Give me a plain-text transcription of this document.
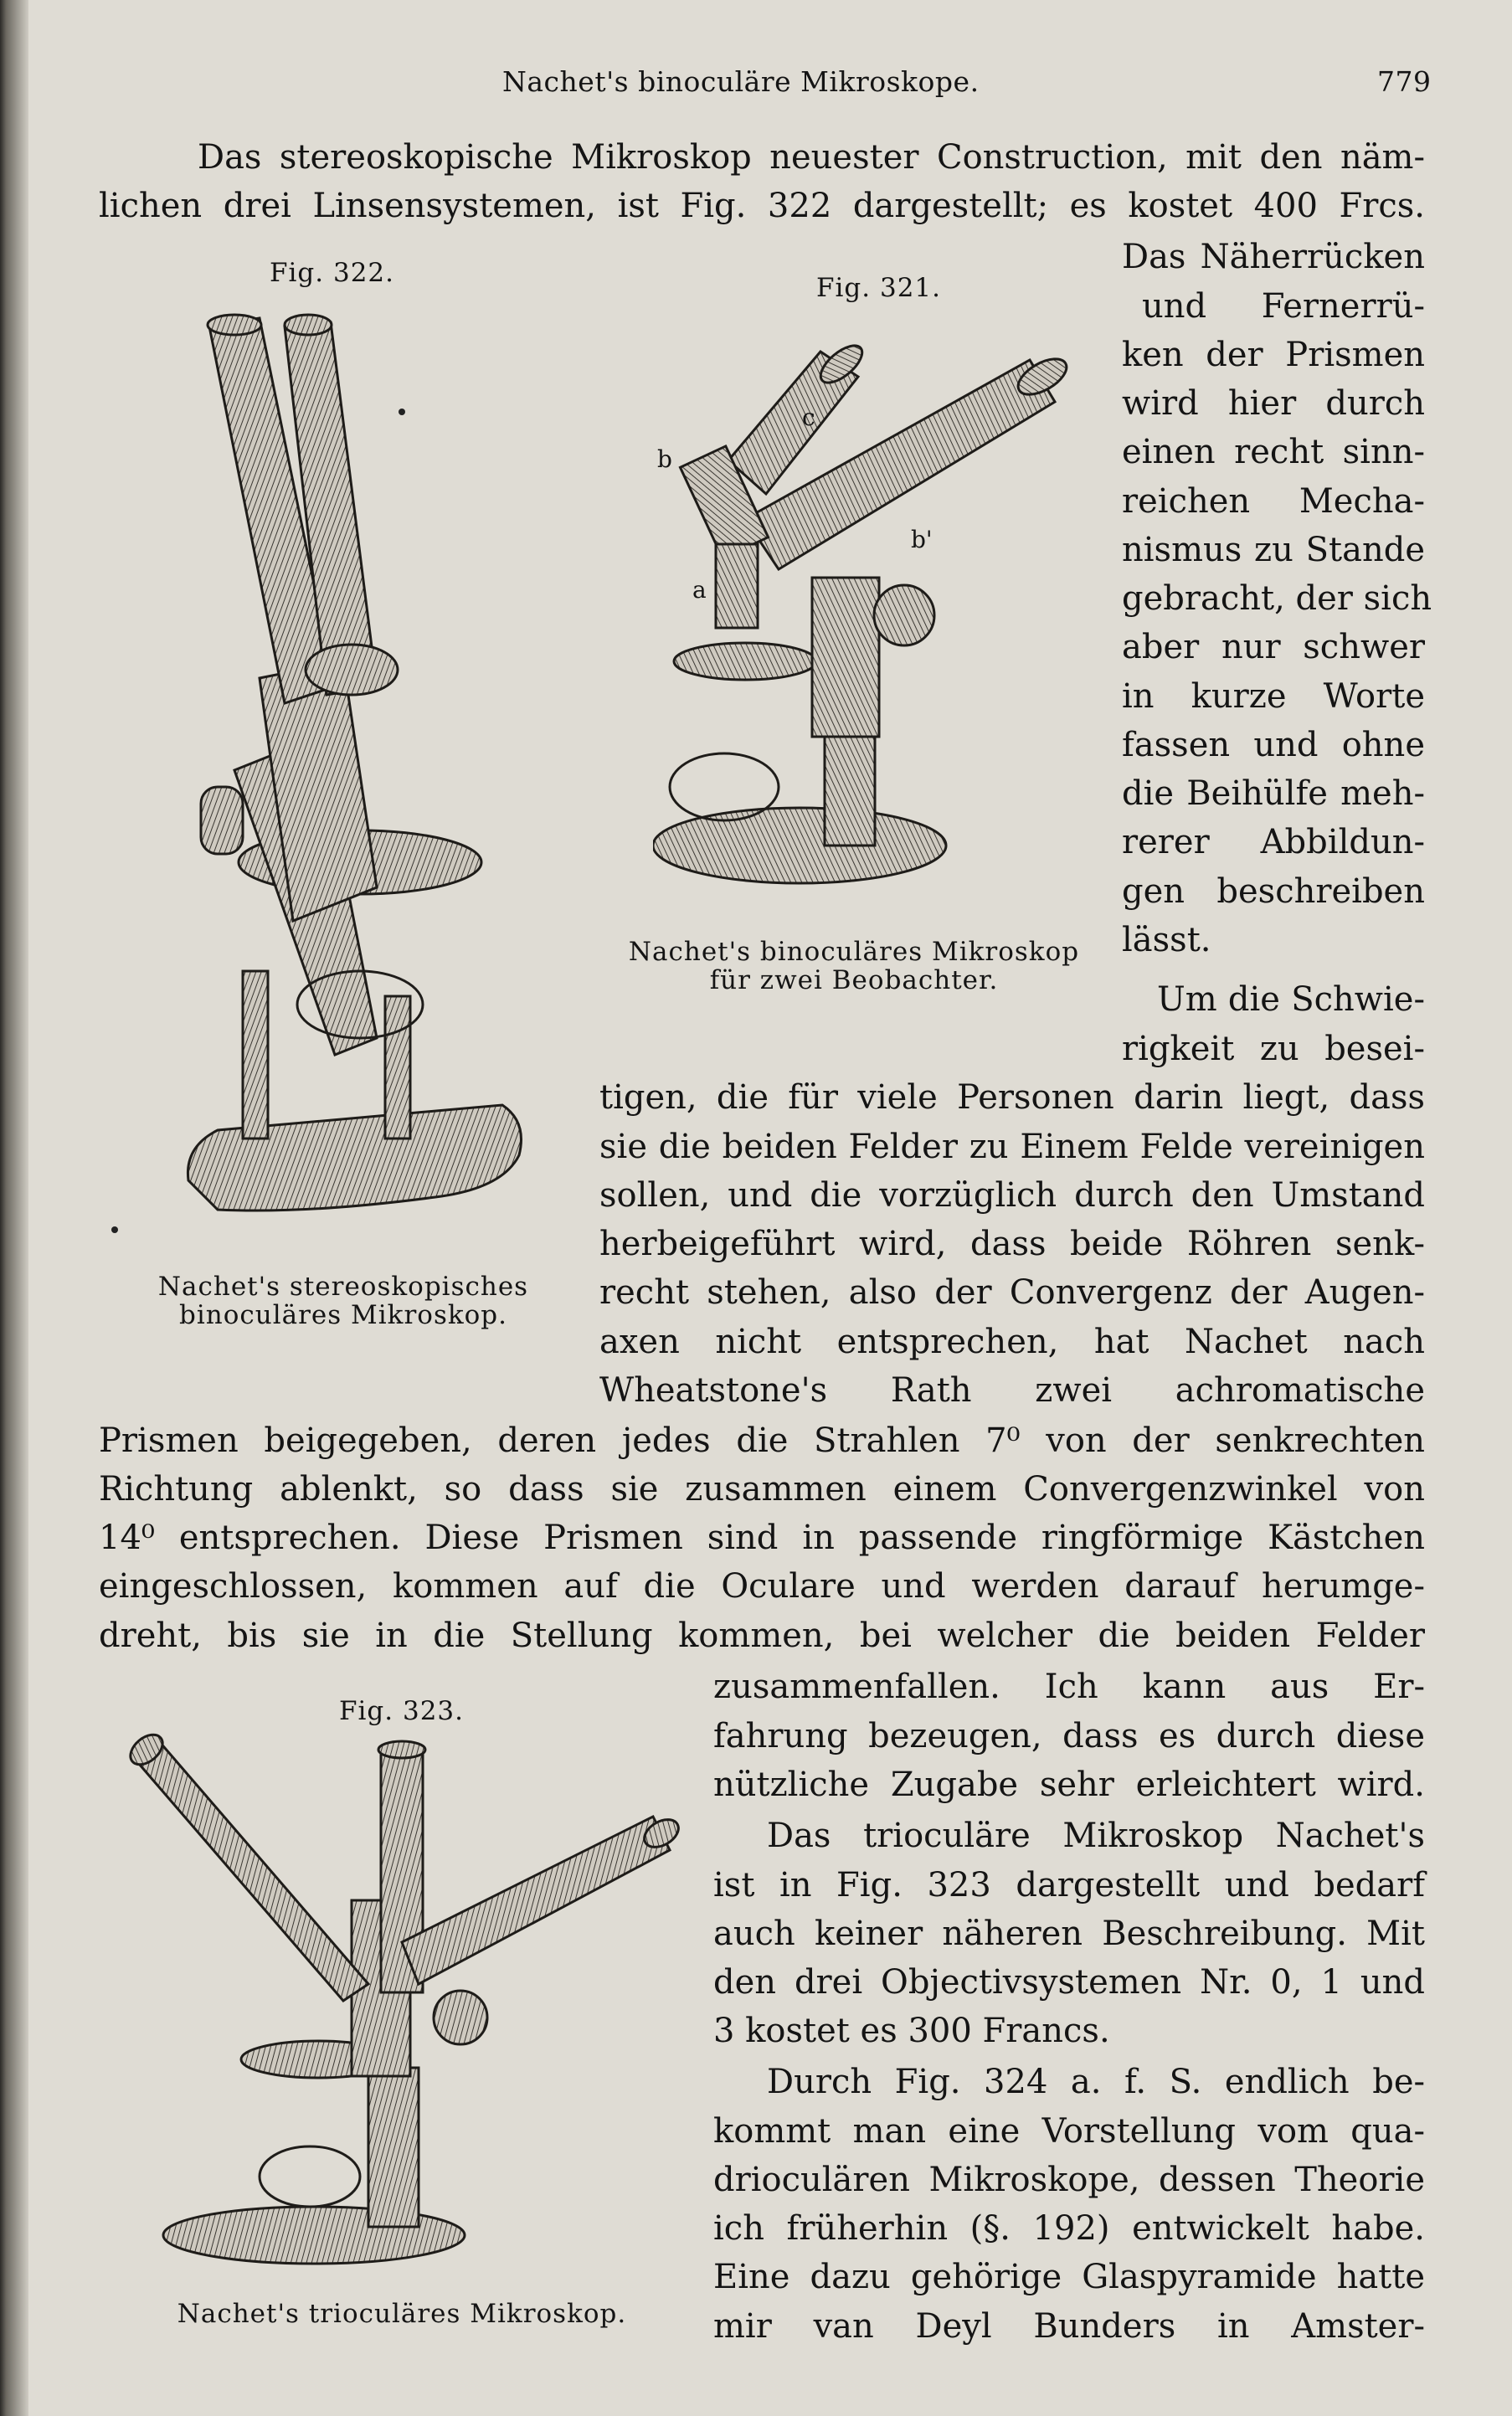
Nachet's binoculäre Mikroskope.	779
Das stereoskopische Mikroskop neuester Construction, mit den näm-
lichen drei Linsensystemen, ist Fig. 322 dargestellt; es kostet 400 Frcs.
Das Näherrücken
und Fernerrü-
ken der Prismen
wird hier durch
einen recht sinn-
reichen Mecha-
nismus zu Stande
gebracht, der sich
aber nur schwer
in kurze Worte
fassen und ohne
die Beihülfe meh-
rerer Abbildun-
gen beschreiben
lässt.
Um die Schwie-
rigkeit zu besei-
tigen, die für viele Personen darin liegt, dass
sie die beiden Felder zu Einem Felde vereinigen
sollen, und die vorzüglich durch den Umstand
herbeigeführt wird, dass beide Röhren senk-
recht stehen, also der Convergenz der Augen-
axen nicht entsprechen, hat Nachet nach
Wheatstone's Rath zwei achromatische
Prismen beigegeben, deren jedes die Strahlen 7⁰ von der senkrechten
Richtung ablenkt, so dass sie zusammen einem Convergenzwinkel von
14⁰ entsprechen. Diese Prismen sind in passende ringförmige Kästchen
eingeschlossen, kommen auf die Oculare und werden darauf herumge-
dreht, bis sie in die Stellung kommen, bei welcher die beiden Felder
zusammenfallen. Ich kann aus Er-
fahrung bezeugen, dass es durch diese
nützliche Zugabe sehr erleichtert wird.
Das trioculäre Mikroskop Nachet's
ist in Fig. 323 dargestellt und bedarf
auch keiner näheren Beschreibung. Mit
den drei Objectivsystemen Nr. 0, 1 und
3 kostet es 300 Francs.
Durch Fig. 324 a. f. S. endlich be-
kommt man eine Vorstellung vom qua-
drioculären Mikroskope, dessen Theorie
ich früherhin (§. 192) entwickelt habe.
Eine dazu gehörige Glaspyramide hatte
mir van Deyl Bunders in Amster-
Fig. 322.	Fig. 321.
Fig. 323.
Nachet's stereoskopisches
binoculäres Mikroskop.
Nachet's binoculäres Mikroskop
für zwei Beobachter.
Nachet's trioculäres Mikroskop.
c
b
b'
a
